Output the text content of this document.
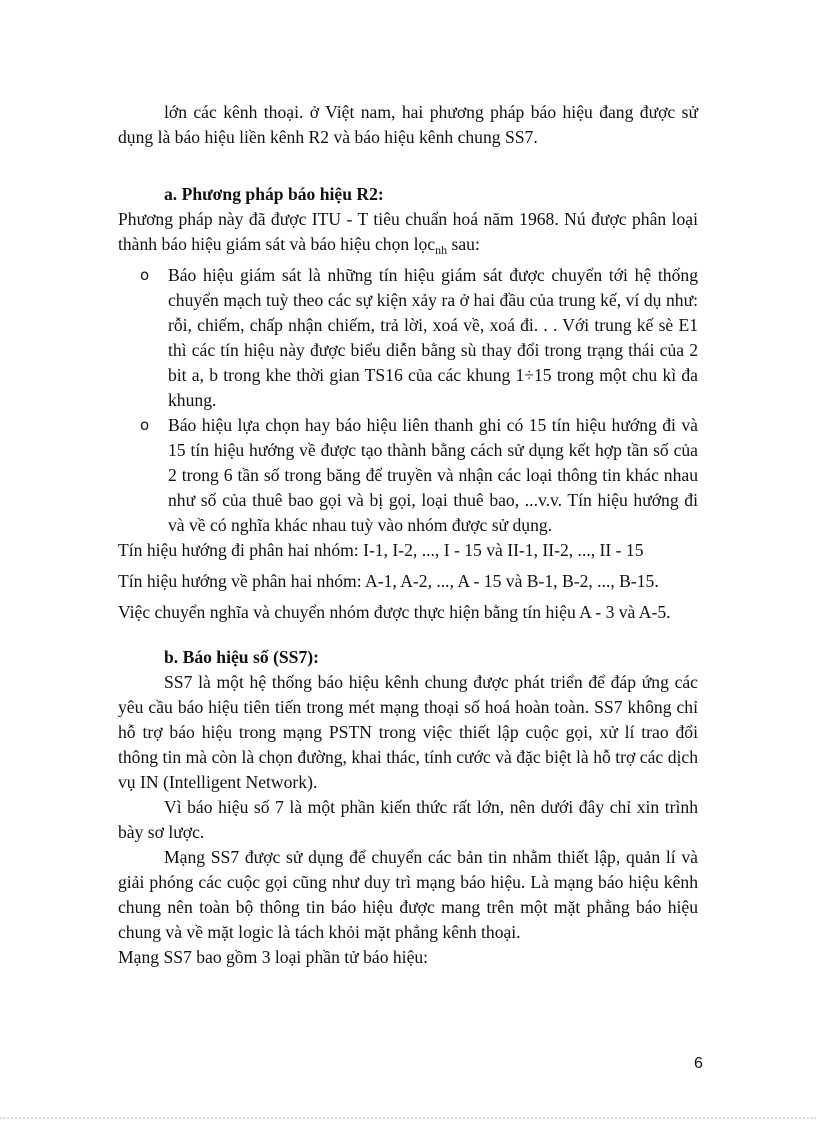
lớn các kênh thoại. ở Việt nam, hai phương pháp báo hiệu đang được sử dụng là báo hiệu liền kênh R2 và báo hiệu kênh chung SS7.

a. Phương pháp báo hiệu R2:

Phương pháp này đã được ITU - T tiêu chuẩn hoá năm 1968. Nú được phân loại thành báo hiệu giám sát và báo hiệu chọn lọc$_{nh}$ sau:

o Báo hiệu giám sát là những tín hiệu giám sát được chuyển tới hệ thống chuyển mạch tuỳ theo các sự kiện xảy ra ở hai đầu của trung kế, ví dụ như: rỗi, chiếm, chấp nhận chiếm, trả lời, xoá về, xoá đi. . . Với trung kế sè E1 thì các tín hiệu này được biểu diễn bằng sù thay đổi trong trạng thái của 2 bit a, b trong khe thời gian TS16 của các khung 1÷15 trong một chu kì đa khung.
o Báo hiệu lựa chọn hay báo hiệu liên thanh ghi có 15 tín hiệu hướng đi và 15 tín hiệu hướng về được tạo thành bằng cách sử dụng kết hợp tần số của 2 trong 6 tần số trong băng để truyền và nhận các loại thông tin khác nhau như số của thuê bao gọi và bị gọi, loại thuê bao, ...v.v. Tín hiệu hướng đi và về có nghĩa khác nhau tuỳ vào nhóm được sử dụng.

Tín hiệu hướng đi phân hai nhóm: I-1, I-2, ..., I - 15 và II-1, II-2, ..., II - 15

Tín hiệu hướng về phân hai nhóm: A-1, A-2, ..., A - 15 và B-1, B-2, ..., B-15.

Việc chuyển nghĩa và chuyển nhóm được thực hiện bằng tín hiệu A - 3 và A-5.

b. Báo hiệu số (SS7):

SS7 là một hệ thống báo hiệu kênh chung được phát triển để đáp ứng các yêu cầu báo hiệu tiên tiến trong mét mạng thoại số hoá hoàn toàn. SS7 không chỉ hỗ trợ báo hiệu trong mạng PSTN trong việc thiết lập cuộc gọi, xử lí trao đổi thông tin mà còn là chọn đường, khai thác, tính cước và đặc biệt là hỗ trợ các dịch vụ IN (Intelligent Network).

Vì báo hiệu số 7 là một phần kiến thức rất lớn, nên dưới đây chỉ xin trình bày sơ lược.

Mạng SS7 được sử dụng để chuyển các bản tin nhằm thiết lập, quản lí và giải phóng các cuộc gọi cũng như duy trì mạng báo hiệu. Là mạng báo hiệu kênh chung nên toàn bộ thông tin báo hiệu được mang trên một mặt phẳng báo hiệu chung và về mặt logic là tách khỏi mặt phẳng kênh thoại.

Mạng SS7 bao gồm 3 loại phần tử báo hiệu:

6
